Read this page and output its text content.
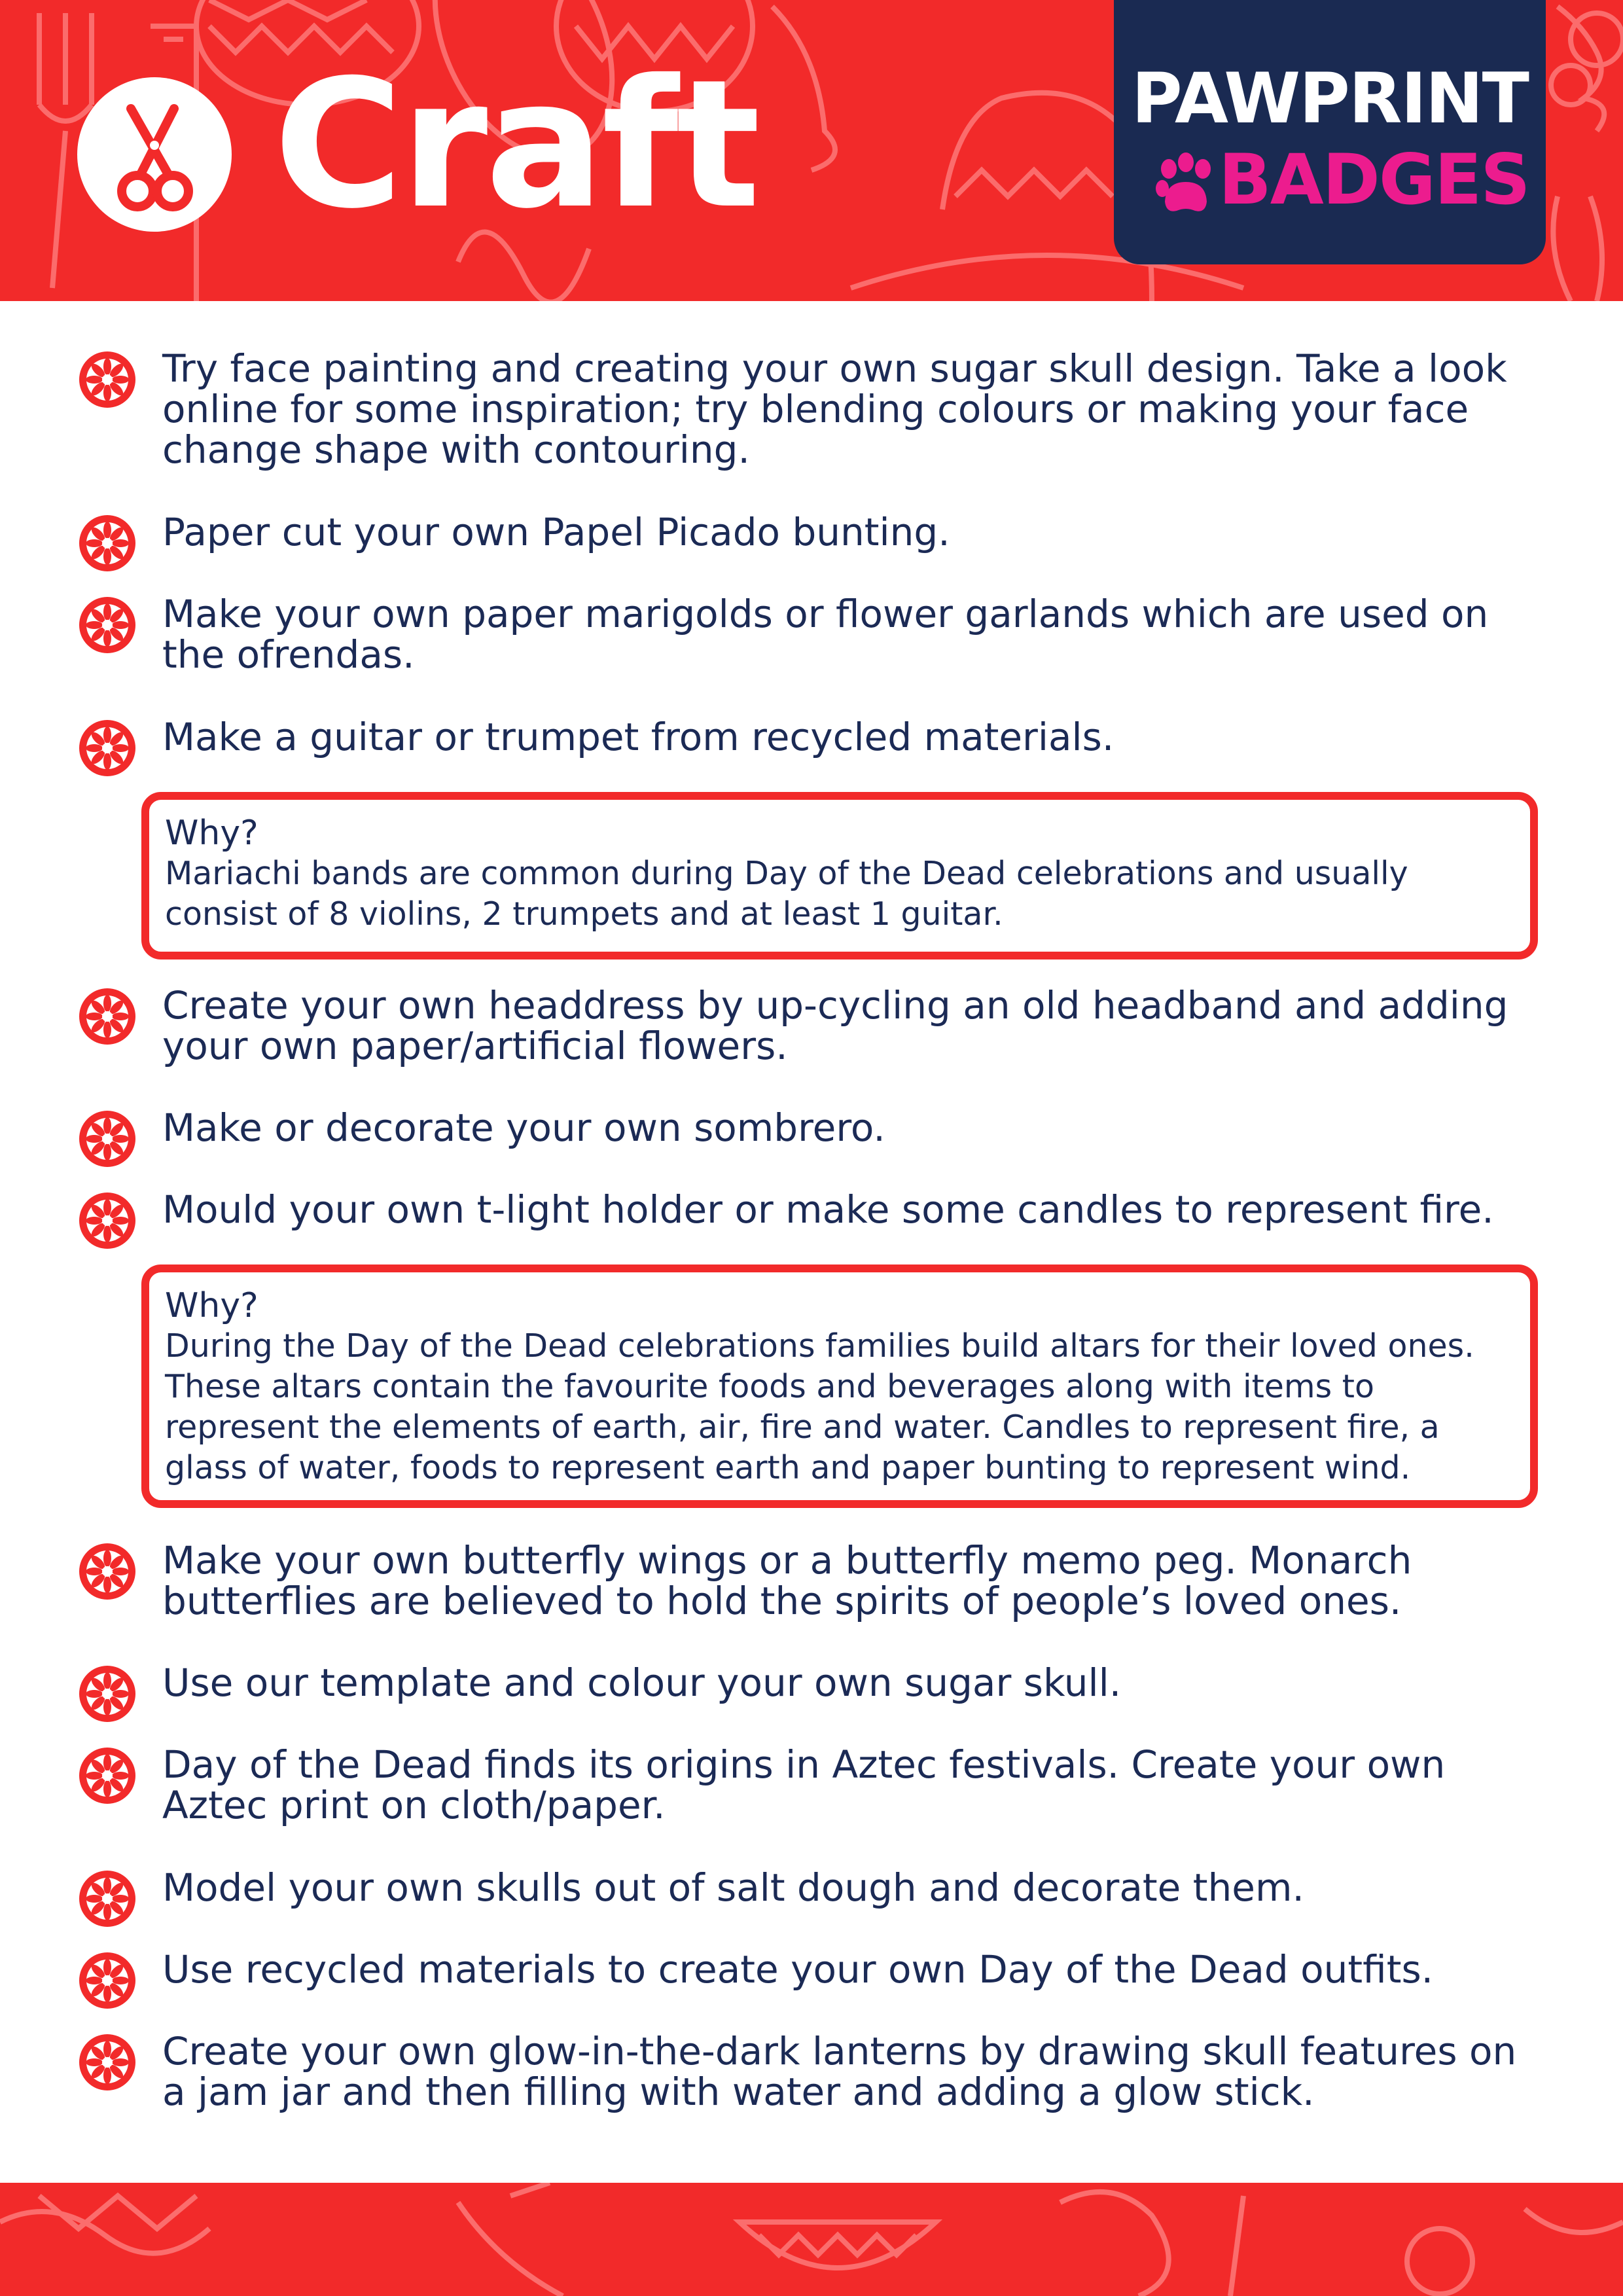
Craft	PAWPRINT
BADGES

Try face painting and creating your own sugar skull design. Take a look online for some inspiration; try blending colours or making your face change shape with contouring.

Paper cut your own Papel Picado bunting.

Make your own paper marigolds or flower garlands which are used on the ofrendas.

Make a guitar or trumpet from recycled materials.

Why?
Mariachi bands are common during Day of the Dead celebrations and usually consist of 8 violins, 2 trumpets and at least 1 guitar.

Create your own headdress by up-cycling an old headband and adding your own paper/artificial flowers.

Make or decorate your own sombrero.

Mould your own t-light holder or make some candles to represent fire.

Why?
During the Day of the Dead celebrations families build altars for their loved ones. These altars contain the favourite foods and beverages along with items to represent the elements of earth, air, fire and water. Candles to represent fire, a glass of water, foods to represent earth and paper bunting to represent wind.

Make your own butterfly wings or a butterfly memo peg. Monarch butterflies are believed to hold the spirits of people’s loved ones.

Use our template and colour your own sugar skull.

Day of the Dead finds its origins in Aztec festivals. Create your own Aztec print on cloth/paper.

Model your own skulls out of salt dough and decorate them.

Use recycled materials to create your own Day of the Dead outfits.

Create your own glow-in-the-dark lanterns by drawing skull features on a jam jar and then filling with water and adding a glow stick.
